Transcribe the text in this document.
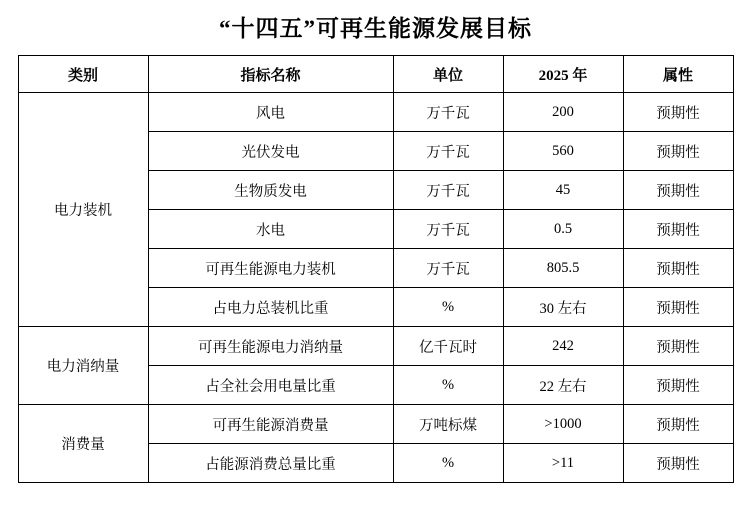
“十四五”可再生能源发展目标
类别	指标名称	单位	2025 年	属性
电力装机	风电	万千瓦	200	预期性
	光伏发电	万千瓦	560	预期性
	生物质发电	万千瓦	45	预期性
	水电	万千瓦	0.5	预期性
	可再生能源电力装机	万千瓦	805.5	预期性
	占电力总装机比重	%	30 左右	预期性
电力消纳量	可再生能源电力消纳量	亿千瓦时	242	预期性
	占全社会用电量比重	%	22 左右	预期性
消费量	可再生能源消费量	万吨标煤	>1000	预期性
	占能源消费总量比重	%	>11	预期性
